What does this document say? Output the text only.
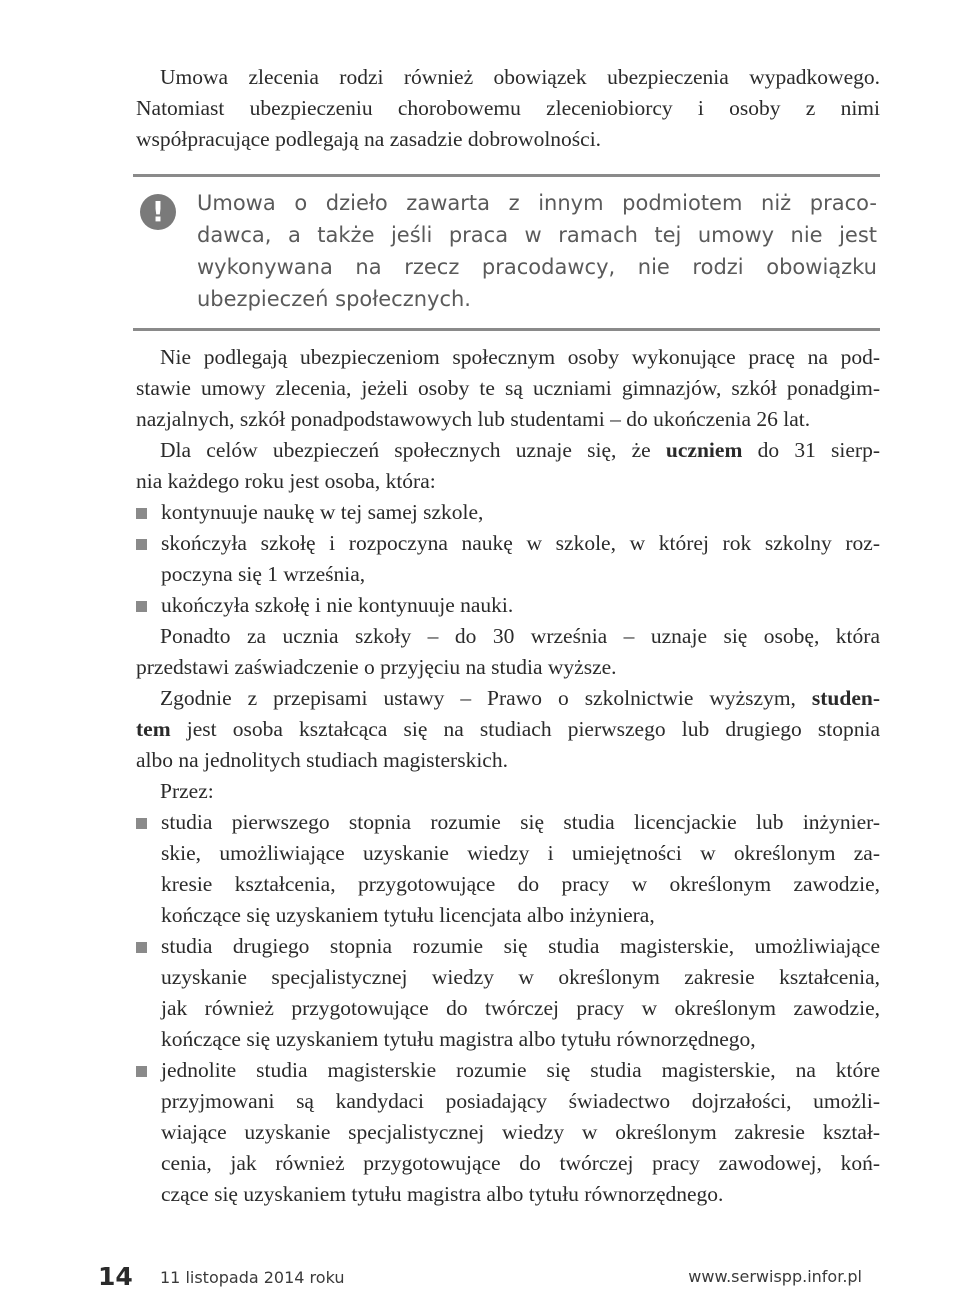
Umowa zlecenia rodzi również obowiązek ubezpieczenia wypadkowego.
Natomiast ubezpieczeniu chorobowemu zleceniobiorcy i osoby z nimi
współpracujące podlegają na zasadzie dobrowolności.
!	Umowa o dzieło zawarta z innym podmiotem niż praco-
dawca, a także jeśli praca w ramach tej umowy nie jest
wykonywana na rzecz pracodawcy, nie rodzi obowiązku
ubezpieczeń społecznych.
Nie podlegają ubezpieczeniom społecznym osoby wykonujące pracę na pod-
stawie umowy zlecenia, jeżeli osoby te są uczniami gimnazjów, szkół ponadgim-
nazjalnych, szkół ponadpodstawowych lub studentami – do ukończenia 26 lat.
Dla celów ubezpieczeń społecznych uznaje się, że uczniem do 31 sierp-
nia każdego roku jest osoba, która:
kontynuuje naukę w tej samej szkole,
skończyła szkołę i rozpoczyna naukę w szkole, w której rok szkolny roz-
poczyna się 1 września,
ukończyła szkołę i nie kontynuuje nauki.
Ponadto za ucznia szkoły – do 30 września – uznaje się osobę, która
przedstawi zaświadczenie o przyjęciu na studia wyższe.
Zgodnie z przepisami ustawy – Prawo o szkolnictwie wyższym, studen-
tem jest osoba kształcąca się na studiach pierwszego lub drugiego stopnia
albo na jednolitych studiach magisterskich.
Przez:
studia pierwszego stopnia rozumie się studia licencjackie lub inżynier-
skie, umożliwiające uzyskanie wiedzy i umiejętności w określonym za-
kresie kształcenia, przygotowujące do pracy w określonym zawodzie,
kończące się uzyskaniem tytułu licencjata albo inżyniera,
studia drugiego stopnia rozumie się studia magisterskie, umożliwiające
uzyskanie specjalistycznej wiedzy w określonym zakresie kształcenia,
jak również przygotowujące do twórczej pracy w określonym zawodzie,
kończące się uzyskaniem tytułu magistra albo tytułu równorzędnego,
jednolite studia magisterskie rozumie się studia magisterskie, na które
przyjmowani są kandydaci posiadający świadectwo dojrzałości, umożli-
wiające uzyskanie specjalistycznej wiedzy w określonym zakresie kształ-
cenia, jak również przygotowujące do twórczej pracy zawodowej, koń-
czące się uzyskaniem tytułu magistra albo tytułu równorzędnego.
14 11 listopada 2014 roku	www.serwispp.infor.pl
